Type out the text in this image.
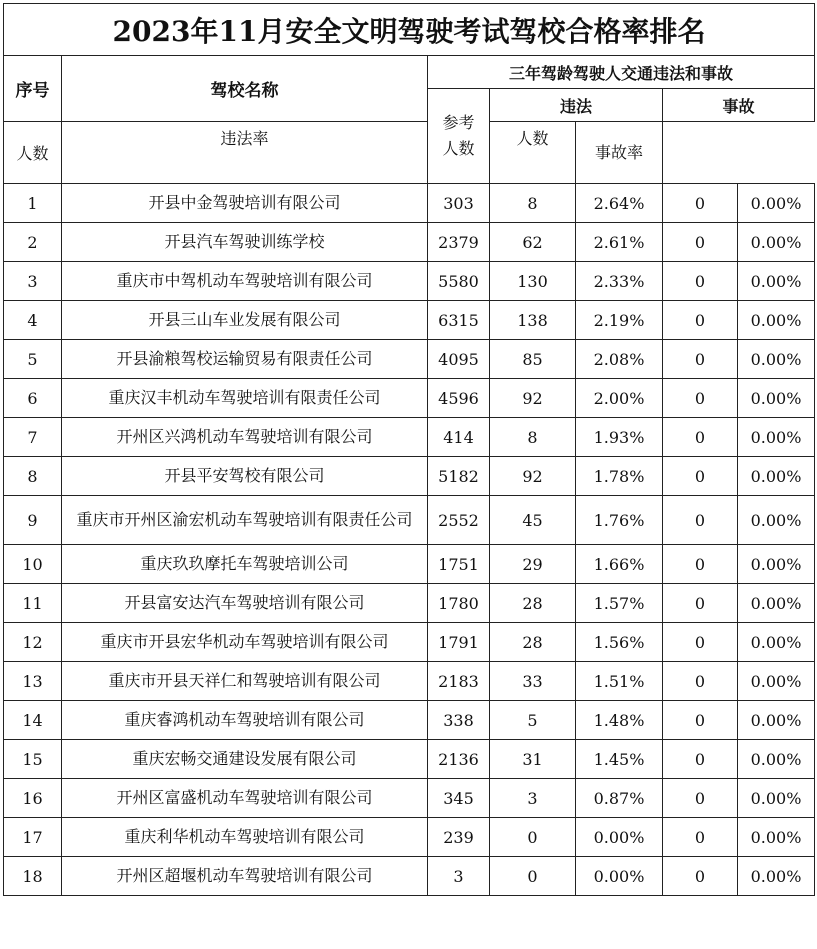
2023年11月安全文明驾驶考试驾校合格率排名						
序号	驾校名称	三年驾龄驾驶人交通违法和事故				

		参考人数	违法		事故	
人数	违法率		人数	事故率		
1	开县中金驾驶培训有限公司	303	8	2.64%	0	0.00%
2	开县汽车驾驶训练学校	2379	62	2.61%	0	0.00%
3	重庆市中驾机动车驾驶培训有限公司	5580	130	2.33%	0	0.00%
4	开县三山车业发展有限公司	6315	138	2.19%	0	0.00%
5	开县渝粮驾校运输贸易有限责任公司	4095	85	2.08%	0	0.00%
6	重庆汉丰机动车驾驶培训有限责任公司	4596	92	2.00%	0	0.00%
7	开州区兴鸿机动车驾驶培训有限公司	414	8	1.93%	0	0.00%
8	开县平安驾校有限公司	5182	92	1.78%	0	0.00%
9	重庆市开州区渝宏机动车驾驶培训有限责任公司	2552	45	1.76%	0	0.00%
10	重庆玖玖摩托车驾驶培训公司	1751	29	1.66%	0	0.00%
11	开县富安达汽车驾驶培训有限公司	1780	28	1.57%	0	0.00%
12	重庆市开县宏华机动车驾驶培训有限公司	1791	28	1.56%	0	0.00%
13	重庆市开县天祥仁和驾驶培训有限公司	2183	33	1.51%	0	0.00%
14	重庆睿鸿机动车驾驶培训有限公司	338	5	1.48%	0	0.00%
15	重庆宏畅交通建设发展有限公司	2136	31	1.45%	0	0.00%
16	开州区富盛机动车驾驶培训有限公司	345	3	0.87%	0	0.00%
17	重庆利华机动车驾驶培训有限公司	239	0	0.00%	0	0.00%
18	开州区超堰机动车驾驶培训有限公司	3	0	0.00%	0	0.00%
